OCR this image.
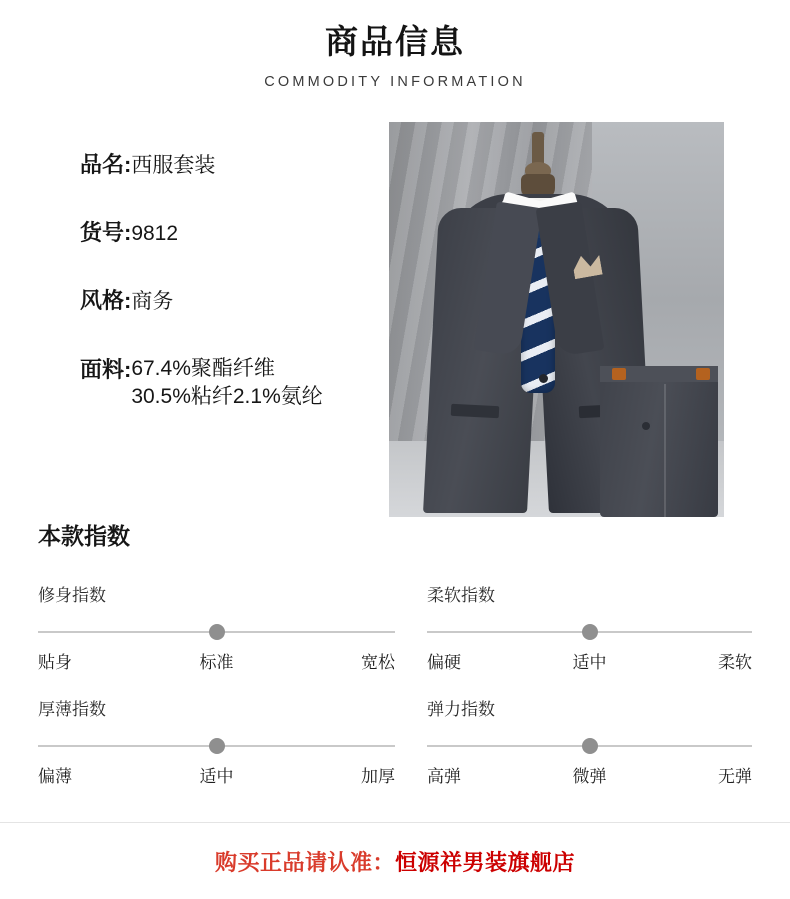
商品信息
COMMODITY INFORMATION
品名:西服套装
货号:9812
风格:商务
面料:67.4%聚酯纤维
30.5%粘纤2.1%氨纶
本款指数
修身指数
贴身	标准	宽松
厚薄指数
偏薄	适中	加厚
柔软指数
偏硬	适中	柔软
弹力指数
高弹	微弹	无弹
购买正品请认准：恒源祥男装旗舰店
